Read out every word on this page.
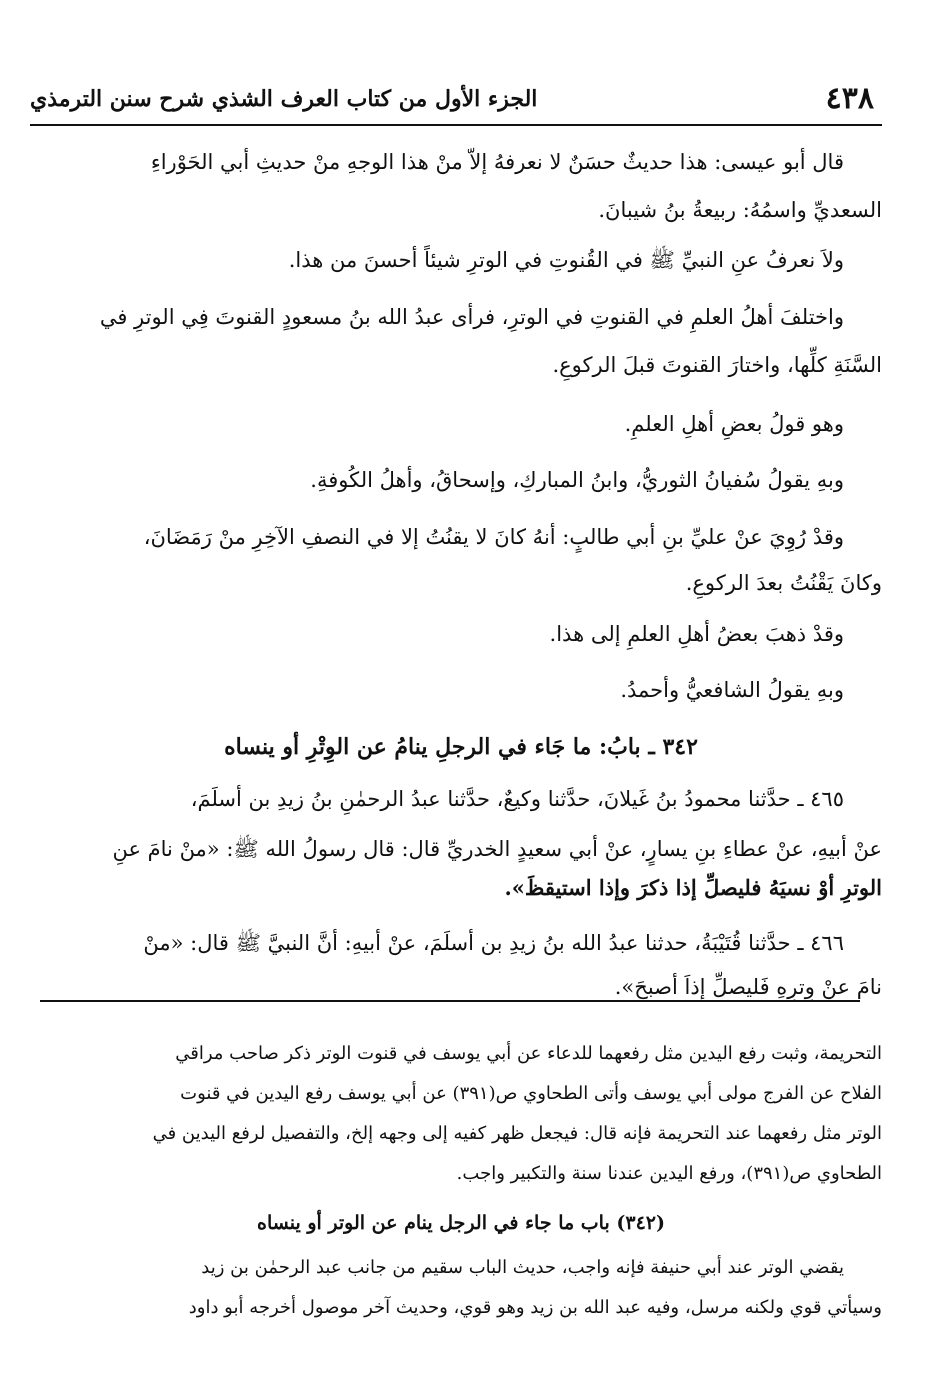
٤٣٨
الجزء الأول من كتاب العرف الشذي شرح سنن الترمذي
قال أبو عيسى: هذا حديثٌ حسَنٌ لا نعرفهُ إلاّ منْ هذا الوجهِ منْ حديثِ أبي الحَوْراءِ
السعديِّ واسمُهُ: ربيعةُ بنُ شيبانَ.
ولاَ نعرفُ عنِ النبيِّ ﷺ في القُنوتِ في الوترِ شيئاً أحسنَ من هذا.
واختلفَ أهلُ العلمِ في القنوتِ في الوترِ، فرأى عبدُ الله بنُ مسعودٍ القنوتَ فِي الوترِ في
السَّنَةِ كلِّها، واختارَ القنوتَ قبلَ الركوعِ.
وهو قولُ بعضِ أهلِ العلمِ.
وبهِ يقولُ سُفيانُ الثوريُّ، وابنُ المباركِ، وإسحاقُ، وأهلُ الكُوفةِ.
وقدْ رُوِيَ عنْ عليِّ بنِ أبي طالبٍ: أنهُ كانَ لا يقنُتُ إلا في النصفِ الآخِرِ منْ رَمَضَانَ،
وكانَ يَقْنُتُ بعدَ الركوعِ.
وقدْ ذهبَ بعضُ أهلِ العلمِ إلى هذا.
وبهِ يقولُ الشافعيُّ وأحمدُ.
٣٤٢ ـ بابُ: ما جَاء في الرجلِ ينامُ عن الوِتْرِ أو ينساه
٤٦٥ ـ حدَّثنا محمودُ بنُ غَيلانَ، حدَّثنا وكيعٌ، حدَّثنا عبدُ الرحمٰنِ بنُ زيدِ بن أسلَمَ،
عنْ أبيهِ، عنْ عطاءِ بنِ يسارٍ، عنْ أبي سعيدٍ الخدريِّ قال: قال رسولُ الله ﷺ: «منْ نامَ عنِ
الوترِ أوْ نسيَهُ فليصلِّ إذا ذكرَ وإذا استيقظَ».
٤٦٦ ـ حدَّثنا قُتَيْبَةُ، حدثنا عبدُ الله بنُ زيدِ بن أسلَمَ، عنْ أبيهِ: أنَّ النبيَّ ﷺ قال: «منْ
نامَ عنْ وِترِهِ فَليصلِّ إذاَ أصبحَ».
التحريمة، وثبت رفع اليدين مثل رفعهما للدعاء عن أبي يوسف في قنوت الوتر ذكر صاحب مراقي
الفلاح عن الفرج مولى أبي يوسف وأتى الطحاوي ص(٣٩١) عن أبي يوسف رفع اليدين في قنوت
الوتر مثل رفعهما عند التحريمة فإنه قال: فيجعل ظهر كفيه إلى وجهه إلخ، والتفصيل لرفع اليدين في
الطحاوي ص(٣٩١)، ورفع اليدين عندنا سنة والتكبير واجب.
(٣٤٢) باب ما جاء في الرجل ينام عن الوتر أو ينساه
يقضي الوتر عند أبي حنيفة فإنه واجب، حديث الباب سقيم من جانب عبد الرحمٰن بن زيد
وسيأتي قوي ولكنه مرسل، وفيه عبد الله بن زيد وهو قوي، وحديث آخر موصول أخرجه أبو داود
